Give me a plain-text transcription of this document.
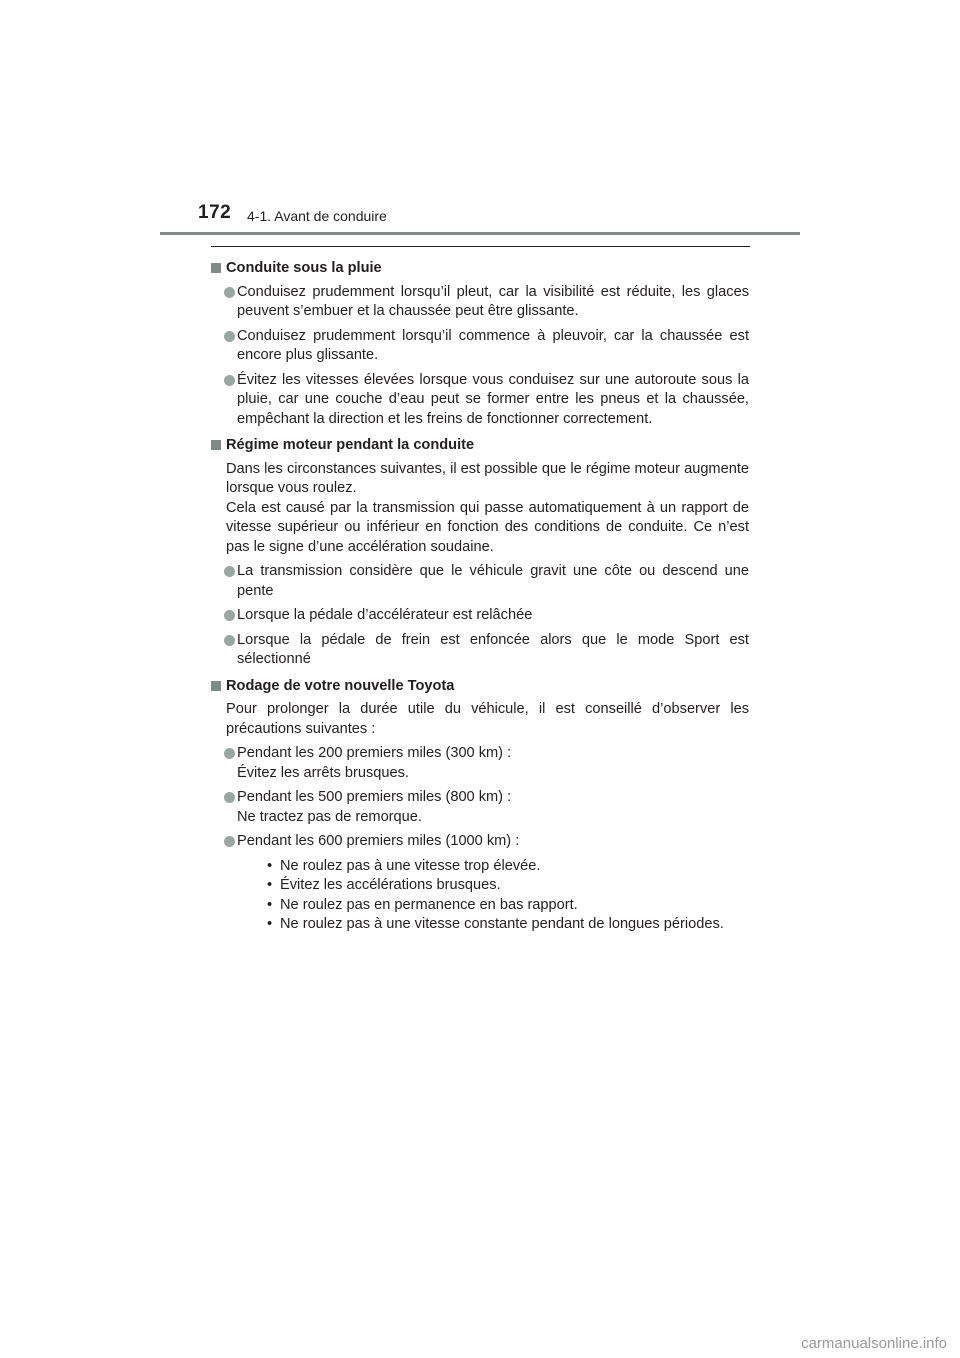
172 4-1. Avant de conduire
Conduite sous la pluie
Conduisez prudemment lorsqu’il pleut, car la visibilité est réduite, les glaces peuvent s’embuer et la chaussée peut être glissante.
Conduisez prudemment lorsqu’il commence à pleuvoir, car la chaussée est encore plus glissante.
Évitez les vitesses élevées lorsque vous conduisez sur une autoroute sous la pluie, car une couche d’eau peut se former entre les pneus et la chaussée, empêchant la direction et les freins de fonctionner correctement.
Régime moteur pendant la conduite
Dans les circonstances suivantes, il est possible que le régime moteur augmente lorsque vous roulez.
Cela est causé par la transmission qui passe automatiquement à un rapport de vitesse supérieur ou inférieur en fonction des conditions de conduite. Ce n’est pas le signe d’une accélération soudaine.
La transmission considère que le véhicule gravit une côte ou descend une pente
Lorsque la pédale d’accélérateur est relâchée
Lorsque la pédale de frein est enfoncée alors que le mode Sport est sélectionné
Rodage de votre nouvelle Toyota
Pour prolonger la durée utile du véhicule, il est conseillé d’observer les précautions suivantes :
Pendant les 200 premiers miles (300 km) :
Évitez les arrêts brusques.
Pendant les 500 premiers miles (800 km) :
Ne tractez pas de remorque.
Pendant les 600 premiers miles (1000 km) :
• Ne roulez pas à une vitesse trop élevée.
• Évitez les accélérations brusques.
• Ne roulez pas en permanence en bas rapport.
• Ne roulez pas à une vitesse constante pendant de longues périodes.
carmanualsonline.info
